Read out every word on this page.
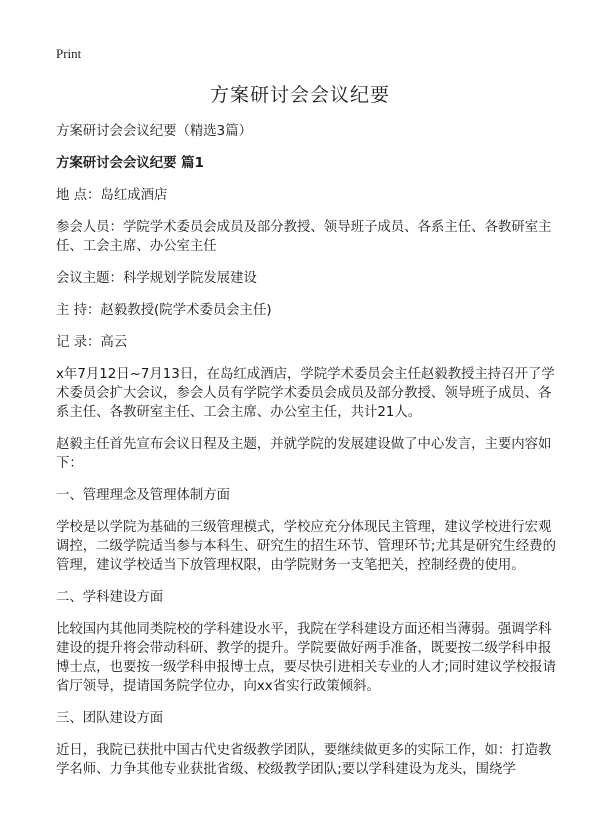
Print
方案研讨会会议纪要

方案研讨会会议纪要（精选3篇）

方案研讨会会议纪要 篇1

地 点：岛红成酒店

参会人员：学院学术委员会成员及部分教授、领导班子成员、各系主任、各教研室主任、工会主席、办公室主任

会议主题：科学规划学院发展建设

主 持：赵毅教授(院学术委员会主任)

记 录：高云

x年7月12日~7月13日，在岛红成酒店，学院学术委员会主任赵毅教授主持召开了学术委员会扩大会议，参会人员有学院学术委员会成员及部分教授、领导班子成员、各系主任、各教研室主任、工会主席、办公室主任，共计21人。

赵毅主任首先宣布会议日程及主题，并就学院的发展建设做了中心发言，主要内容如下：

一、管理理念及管理体制方面

学校是以学院为基础的三级管理模式，学校应充分体现民主管理，建议学校进行宏观调控，二级学院适当参与本科生、研究生的招生环节、管理环节;尤其是研究生经费的管理，建议学校适当下放管理权限，由学院财务一支笔把关，控制经费的使用。

二、学科建设方面

比较国内其他同类院校的学科建设水平，我院在学科建设方面还相当薄弱。强调学科建设的提升将会带动科研、教学的提升。学院要做好两手准备，既要按二级学科申报博士点，也要按一级学科申报博士点，要尽快引进相关专业的人才;同时建议学校报请省厅领导，提请国务院学位办，向xx省实行政策倾斜。

三、团队建设方面

近日，我院已获批中国古代史省级教学团队，要继续做更多的实际工作，如：打造教学名师、力争其他专业获批省级、校级教学团队;要以学科建设为龙头，围绕学
